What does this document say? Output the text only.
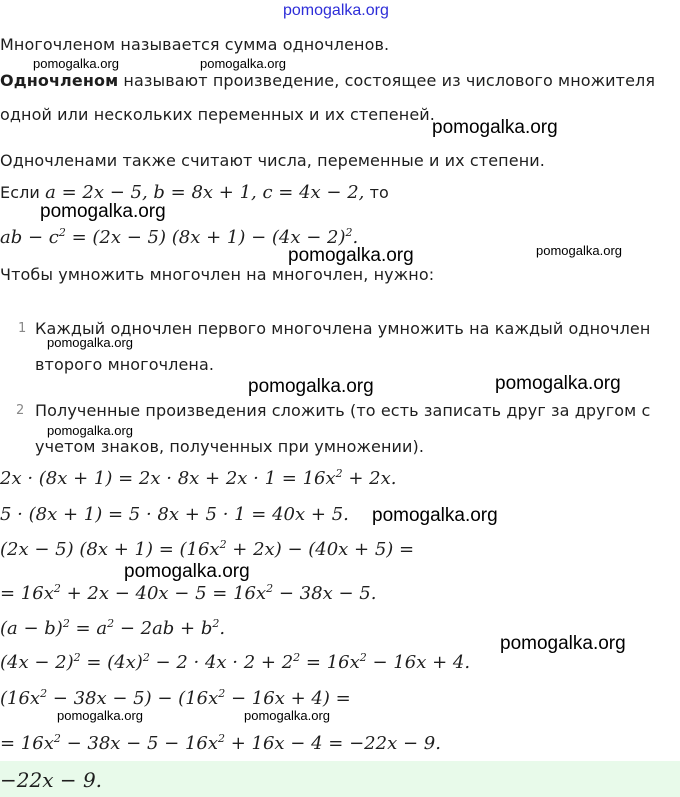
pomogalka.org
Многочленом называется сумма одночленов.
Одночленом называют произведение, состоящее из числового множителя
одной или нескольких переменных и их степеней.
Одночленами также считают числа, переменные и их степени.
Если a = 2x − 5, b = 8x + 1, c = 4x − 2, то
ab − $c^2 = (2x - 5) (8x + 1) - (4x - 2)^2$.
Чтобы умножить многочлен на многочлен, нужно:
1 Каждый одночлен первого многочлена умножить на каждый одночлен
второго многочлена.
2 Полученные произведения сложить (то есть записать друг за другом с
учетом знаков, полученных при умножении).
$2x \cdot (8x + 1) = 2x \cdot 8x + 2x \cdot 1 = 16x^2 + 2x$.
5 · (8x + 1) = 5 · 8x + 5 · 1 = 40x + 5.
(2x − 5) $(8x + 1) = (16x^2 + 2x) - (40x + 5)$ =
= $16x^2 + 2x - 40x - 5 = 16x^2 - 38x - 5$.
$(a - b)^2 = a^2 - 2ab + b^2$.
$(4x - 2)^2 = (4x)^2 - 2 \cdot 4x \cdot 2 + 2^2 = 16x^2 - 16x + 4$.
$(16x^2 - 38x - 5) - (16x^2 - 16x + 4)$ =
= $16x^2 - 38x - 5 - 16x^2 + 16x - 4 = -22x - 9$.
−22x − 9.
pomogalka.org	pomogalka.org
pomogalka.org
pomogalka.org
pomogalka.org	pomogalka.org
pomogalka.org
pomogalka.org	pomogalka.org
pomogalka.org
pomogalka.org
pomogalka.org
pomogalka.org
pomogalka.org	pomogalka.org
